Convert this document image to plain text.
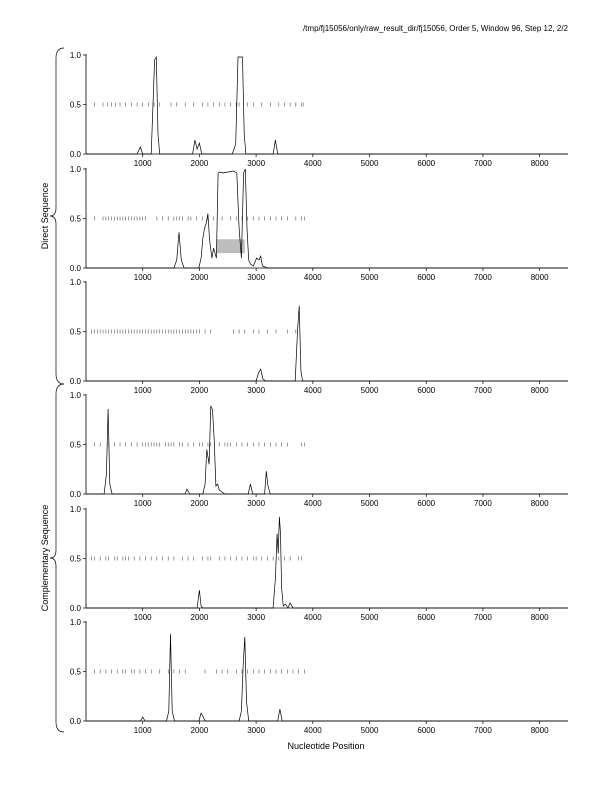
/tmp/fj15056/only/raw_result_dir/fj15056, Order 5, Window 96, Step 12, 2/2
0.0
0.5
1.0
1000	2000	3000	4000	5000	6000	7000	8000
0.0
0.5
1.0
1000	2000	3000	4000	5000	6000	7000	8000
0.0
0.5
1.0
1000	2000	3000	4000	5000	6000	7000	8000
0.0
0.5
1.0
1000	2000	3000	4000	5000	6000	7000	8000
0.0
0.5
1.0
1000	2000	3000	4000	5000	6000	7000	8000
0.0
0.5
1.0
1000	2000	3000	4000	5000	6000	7000	8000
Direct Sequence
Complementary Sequence
Nucleotide Position
